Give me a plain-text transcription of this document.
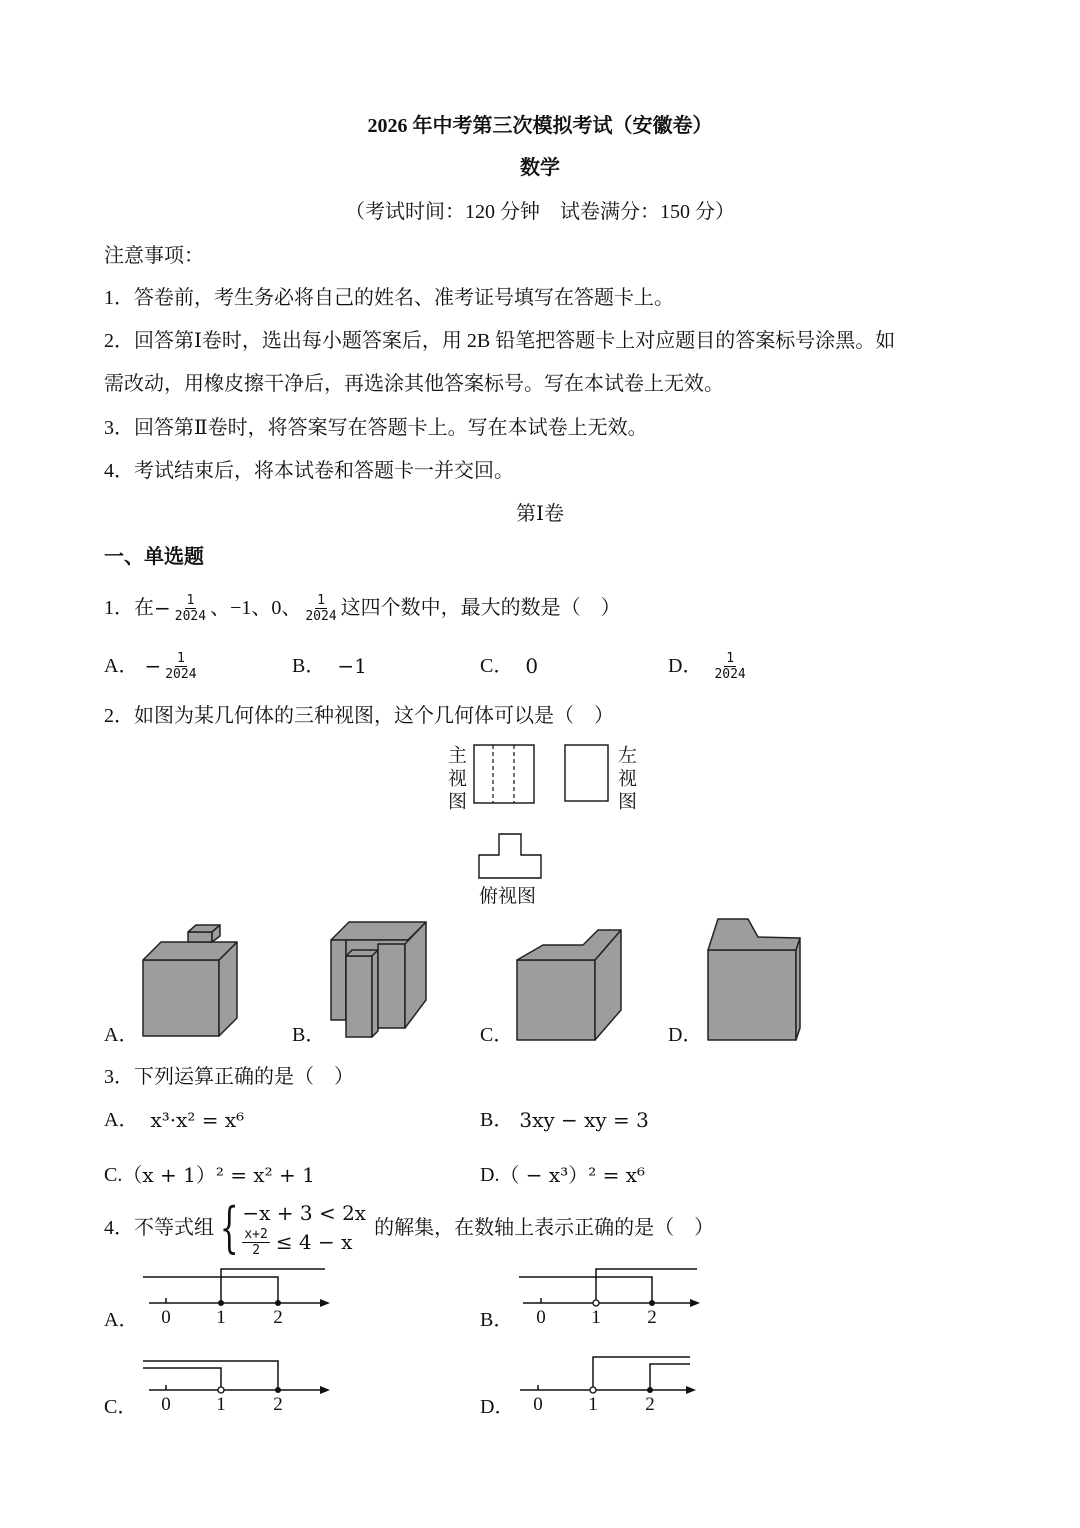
2026 年中考第三次模拟考试（安徽卷）
数学
（考试时间：120 分钟　试卷满分：150 分）
注意事项：
1．答卷前，考生务必将自己的姓名、准考证号填写在答题卡上。
2．回答第Ⅰ卷时，选出每小题答案后，用 2B 铅笔把答题卡上对应题目的答案标号涂黑。如
需改动，用橡皮擦干净后，再选涂其他答案标号。写在本试卷上无效。
3．回答第Ⅱ卷时，将答案写在答题卡上。写在本试卷上无效。
4．考试结束后，将本试卷和答题卡一并交回。
第Ⅰ卷
一、单选题
1．在 − $\frac{1}{2024}$ 、−1、0、 $\frac{1}{2024}$ 这四个数中，最大的数是（　）
A． − $\frac{1}{2024}$	B． −1	C． 0	D． $\frac{1}{2024}$
2．如图为某几何体的三种视图，这个几何体可以是（　）
主视图	左视图
俯视图
A．	B．	C．	D．
3．下列运算正确的是（　）
A． x³·x² = x⁶	B． 3xy − xy = 3
C. （x + 1）² = x² + 1	D. （ − x³）² = x⁶
4．不等式组 { −x + 3 < 2x
$\frac{x+2}{2} \le 4 - x$
的解集，在数轴上表示正确的是（　）
A．	B．
C．	D．
0 1	2	0 1 2
0 1	2	0 1	2
